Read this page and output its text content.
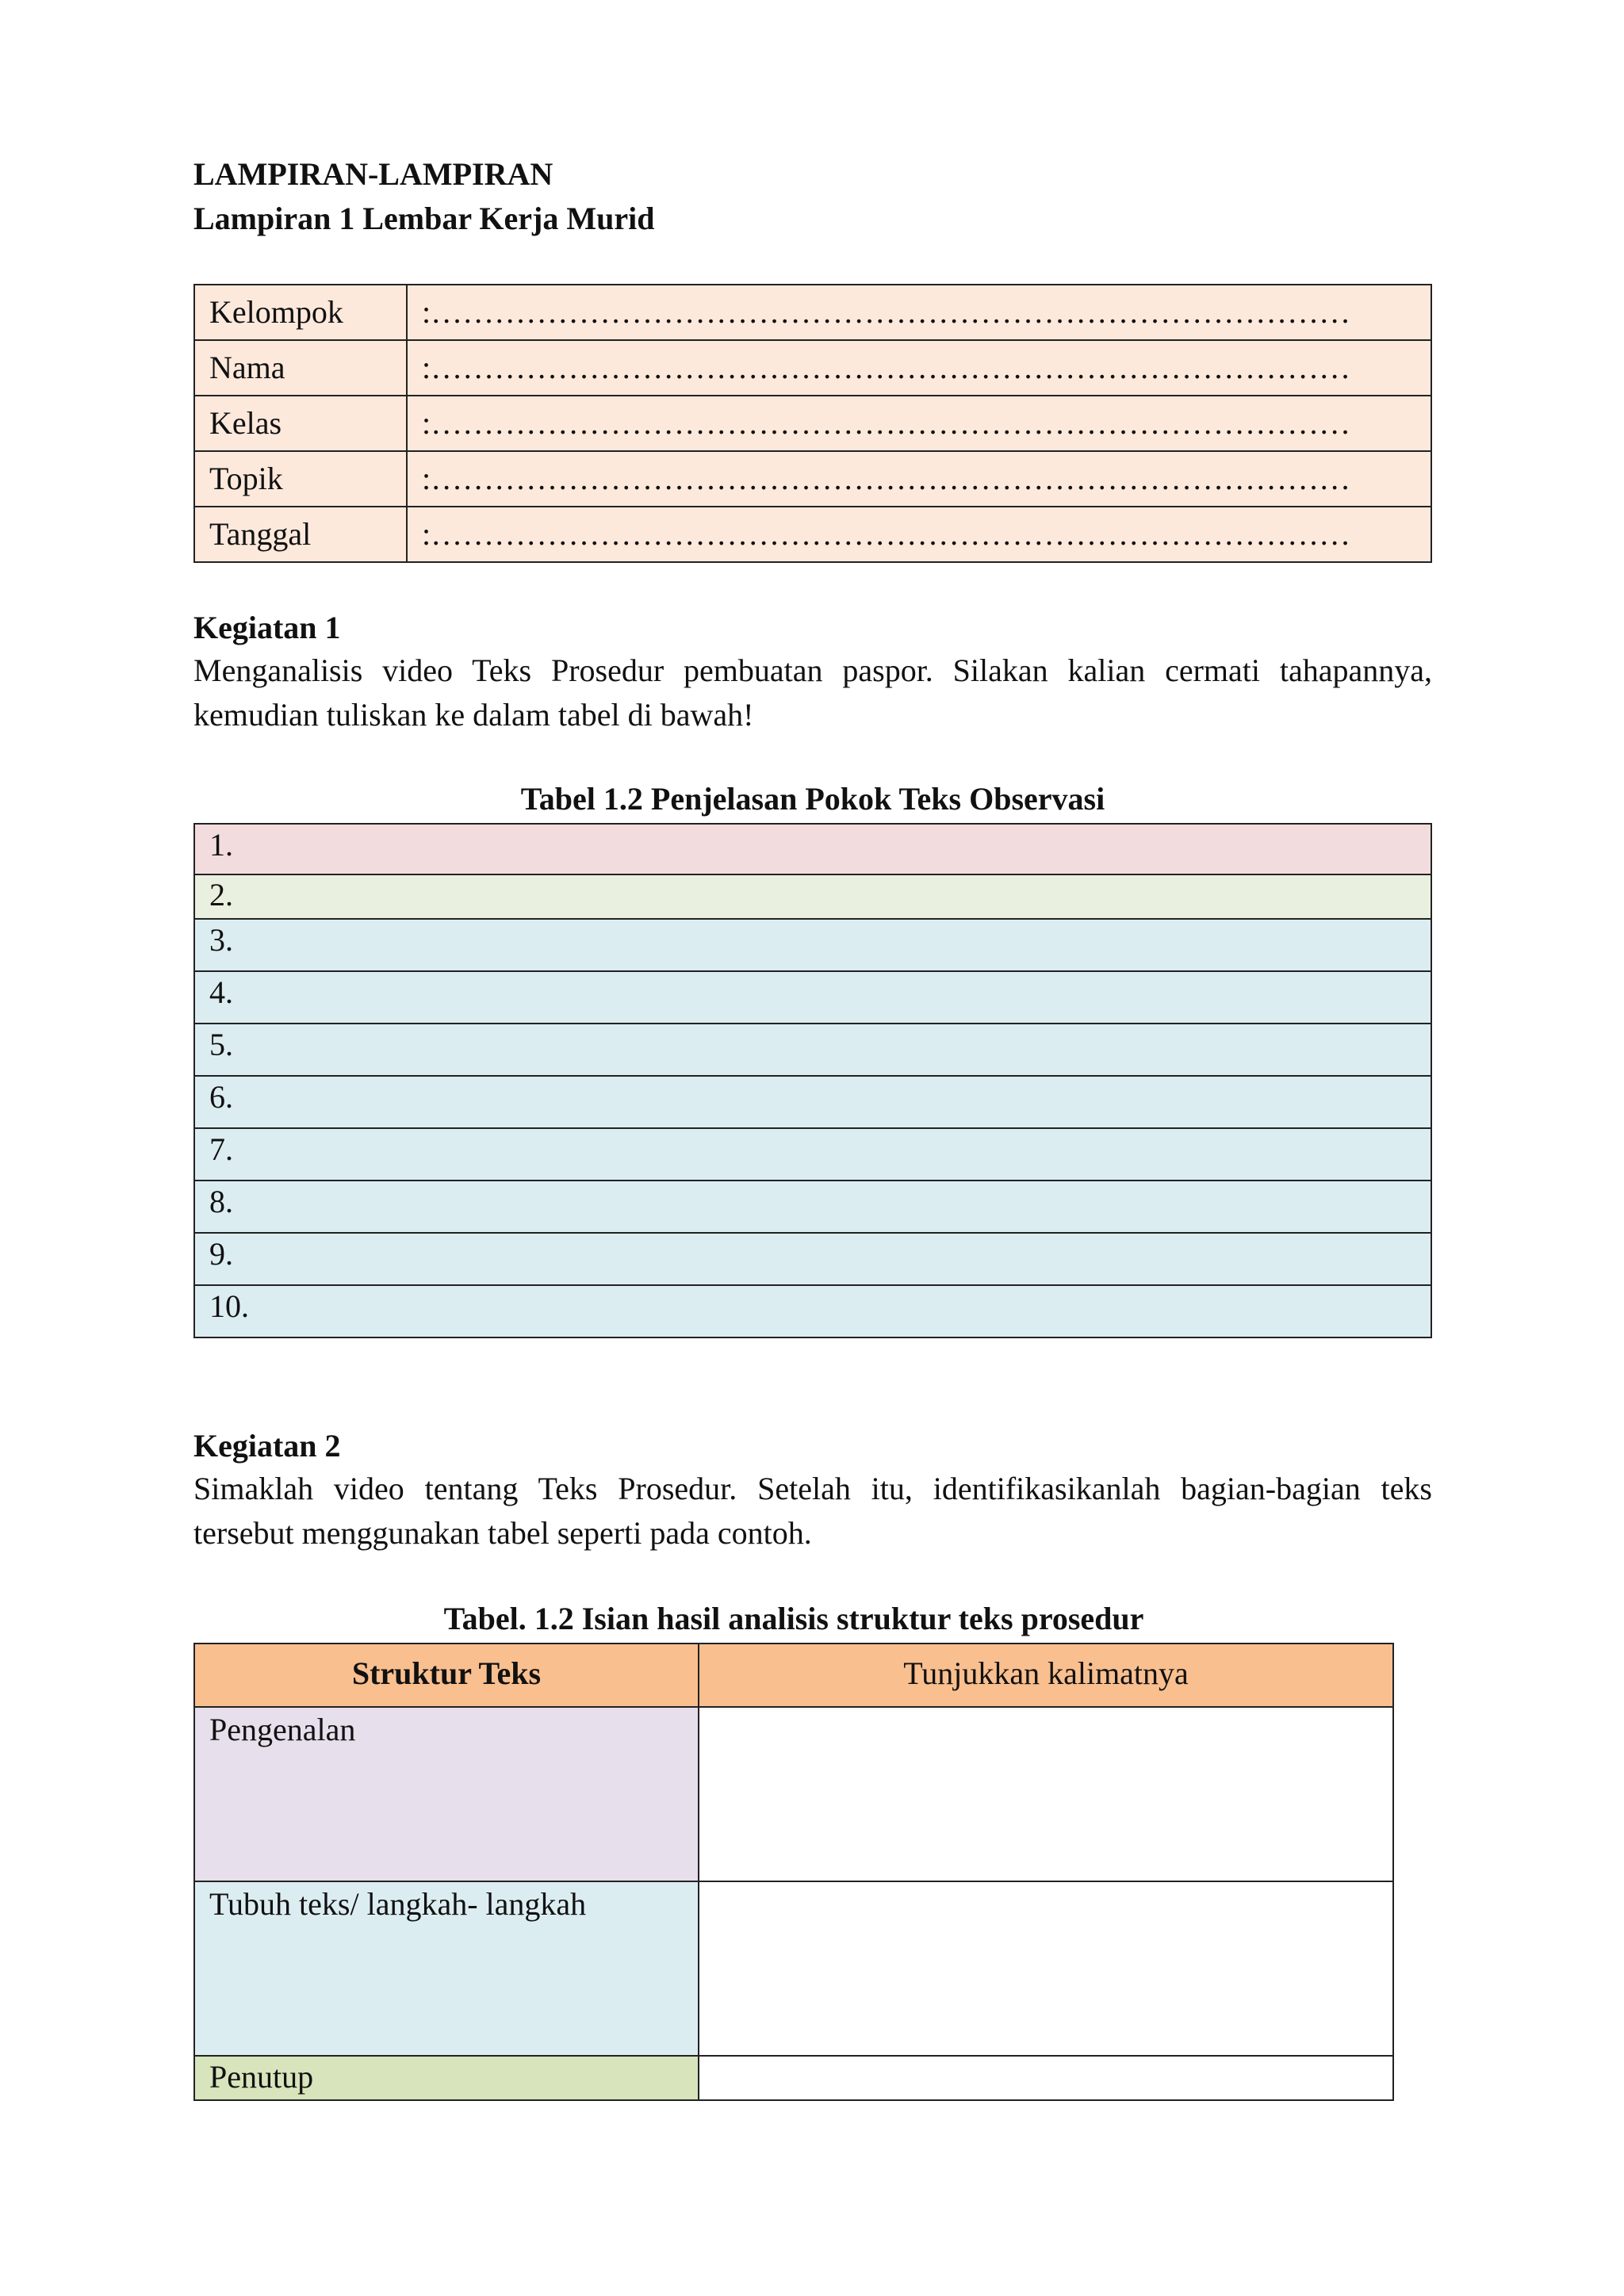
LAMPIRAN-LAMPIRAN
Lampiran 1 Lembar Kerja Murid
Kelompok	:……………………………………………………………………………
Nama	:……………………………………………………………………………
Kelas	:……………………………………………………………………………
Topik	:……………………………………………………………………………
Tanggal	:……………………………………………………………………………
Kegiatan 1
Menganalisis video Teks Prosedur pembuatan paspor. Silakan kalian cermati tahapannya,
kemudian tuliskan ke dalam tabel di bawah!
Tabel 1.2 Penjelasan Pokok Teks Observasi
1.
2.
3.
4.
5.
6.
7.
8.
9.
10.
Kegiatan 2
Simaklah video tentang Teks Prosedur. Setelah itu, identifikasikanlah bagian-bagian teks
tersebut menggunakan tabel seperti pada contoh.
Tabel. 1.2 Isian hasil analisis struktur teks prosedur
Struktur Teks	Tunjukkan kalimatnya
Pengenalan	
Tubuh teks/ langkah- langkah	
Penutup	
